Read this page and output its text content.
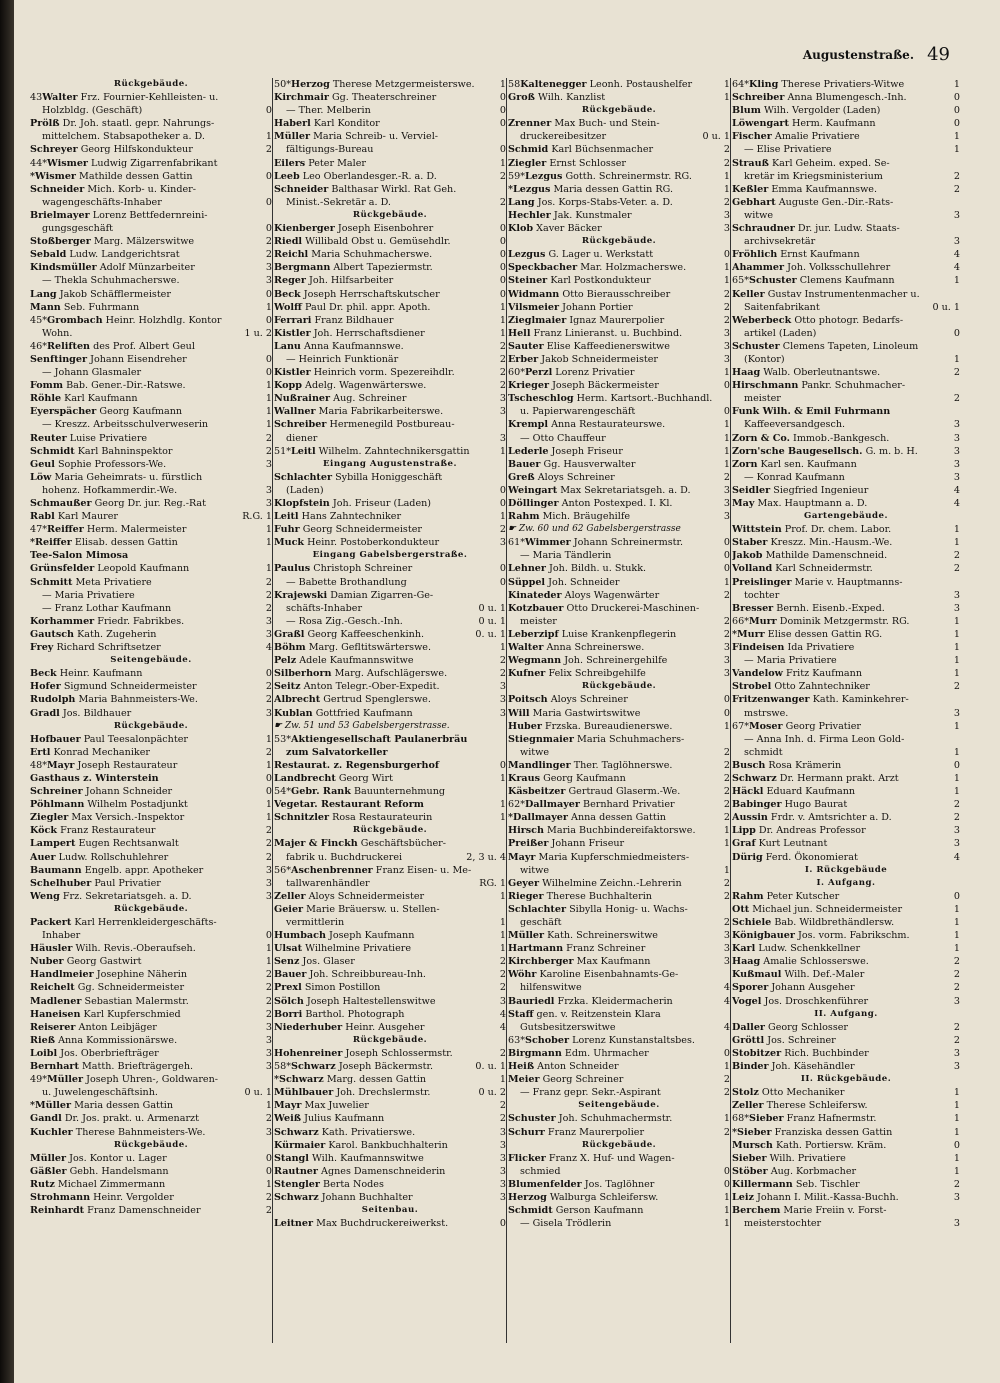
Augustenstraße. 49
Rückgebäude.
43Walter Frz. Fournier-Kehlleisten- u.
0
Holzbldg. (Geschäft)
Prölß Dr. Joh. staatl. gepr. Nahrungs-
1
mittelchem. Stabsapotheker a. D.
2
Schreyer Georg Hilfskondukteur
44*Wismer Ludwig Zigarrenfabrikant
0
*Wismer Mathilde dessen Gattin
Schneider Mich. Korb- u. Kinder-
0
wagengeschäfts-Inhaber
Brielmayer Lorenz Bettfedernreini-
0
gungsgeschäft
2
Stoßberger Marg. Mälzerswitwe
2
Sebald Ludw. Landgerichtsrat
3
Kindsmüller Adolf Münzarbeiter
3
— Thekla Schuhmacherswe.
0
Lang Jakob Schäfflermeister
1
Mann Seb. Fuhrmann
0
45*Grombach Heinr. Holzhdlg. Kontor
1 u. 2
Wohn.
46*Reliften des Prof. Albert Geul
0
Senftinger Johann Eisendreher
0
— Johann Glasmaler
1
Fomm Bab. Gener.-Dir.-Ratswe.
1
Röhle Karl Kaufmann
1
Eyerspächer Georg Kaufmann
1
— Kreszz. Arbeitsschulverweserin
2
Reuter Luise Privatiere
2
Schmidt Karl Bahninspektor
3
Geul Sophie Professors-We.
Löw Maria Geheimrats- u. fürstlich
3
hohenz. Hofkammerdir.-We.
3
Schmaußer Georg Dr. jur. Reg.-Rat
R.G. 1
Rabl Karl Maurer
1
47*Reiffer Herm. Malermeister
1
*Reiffer Elisab. dessen Gattin
Tee-Salon Mimosa
1
Grünsfelder Leopold Kaufmann
2
Schmitt Meta Privatiere
2
— Maria Privatiere
2
— Franz Lothar Kaufmann
3
Korhammer Friedr. Fabrikbes.
3
Gautsch Kath. Zugeherin
4
Frey Richard Schriftsetzer
Seitengebäude.
0
Beck Heinr. Kaufmann
2
Hofer Sigmund Schneidermeister
2
Rudolph Maria Bahnmeisters-We.
3
Gradl Jos. Bildhauer
Rückgebäude.
1
Hofbauer Paul Teesalonpächter
2
Ertl Konrad Mechaniker
1
48*Mayr Joseph Restaurateur
0
Gasthaus z. Winterstein
0
Schreiner Johann Schneider
1
Pöhlmann Wilhelm Postadjunkt
1
Ziegler Max Versich.-Inspektor
2
Köck Franz Restaurateur
2
Lampert Eugen Rechtsanwalt
2
Auer Ludw. Rollschuhlehrer
3
Baumann Engelb. appr. Apotheker
3
Schelhuber Paul Privatier
3
Weng Frz. Sekretariatsgeh. a. D.
Rückgebäude.
Packert Karl Herrenkleidergeschäfts-
0
Inhaber
1
Häusler Wilh. Revis.-Oberaufseh.
1
Nuber Georg Gastwirt
2
Handlmeier Josephine Näherin
2
Reichelt Gg. Schneidermeister
2
Madlener Sebastian Malermstr.
2
Haneisen Karl Kupferschmied
3
Reiserer Anton Leibjäger
3
Rieß Anna Kommissionärswe.
3
Loibl Jos. Oberbriefträger
3
Bernhart Matth. Briefträgergeh.
49*Müller Joseph Uhren-, Goldwaren-
0 u. 1
u. Juwelengeschäftsinh.
1
*Müller Maria dessen Gattin
2
Gandl Dr. Jos. prakt. u. Armenarzt
3
Kuchler Therese Bahnmeisters-We.
Rückgebäude.
0
Müller Jos. Kontor u. Lager
0
Gäßler Gebh. Handelsmann
1
Rutz Michael Zimmermann
2
Strohmann Heinr. Vergolder
2
Reinhardt Franz Damenschneider
1
50*Herzog Therese Metzgermeisterswe.
0
Kirchmair Gg. Theaterschreiner
0
— Ther. Melberin
0
Haberl Karl Konditor
Müller Maria Schreib- u. Verviel-
0
fältigungs-Bureau
1
Eilers Peter Maler
2
Leeb Leo Oberlandesger.-R. a. D.
Schneider Balthasar Wirkl. Rat Geh.
2
Minist.-Sekretär a. D.
Rückgebäude.
0
Kienberger Joseph Eisenbohrer
0
Riedl Willibald Obst u. Gemüsehdlr.
0
Reichl Maria Schuhmacherswe.
0
Bergmann Albert Tapeziermstr.
0
Reger Joh. Hilfsarbeiter
0
Beck Joseph Herrschaftskutscher
1
Wolff Paul Dr. phil. appr. Apoth.
1
Ferrari Franz Bildhauer
1
Kistler Joh. Herrschaftsdiener
2
Lanu Anna Kaufmannswe.
2
— Heinrich Funktionär
2
Kistler Heinrich vorm. Spezereihdlr.
2
Kopp Adelg. Wagenwärterswe.
3
Nußrainer Aug. Schreiner
3
Wallner Maria Fabrikarbeiterswe.
Schreiber Hermenegild Postbureau-
3
diener
1
51*Leitl Wilhelm. Zahntechnikersgattin
Eingang Augustenstraße.
Schlachter Sybilla Honiggeschäft
0
(Laden)
0
Klopfstein Joh. Friseur (Laden)
1
Leitl Hans Zahntechniker
2
Fuhr Georg Schneidermeister
3
Muck Heinr. Postoberkondukteur
Eingang Gabelsbergerstraße.
0
Paulus Christoph Schreiner
0
— Babette Brothandlung
Krajewski Damian Zigarren-Ge-
0 u. 1
schäfts-Inhaber
0 u. 1
— Rosa Zig.-Gesch.-Inh.
0. u. 1
Graßl Georg Kaffeeschenkinh.
1
Böhm Marg. Gefltitswärterswe.
2
Pelz Adele Kaufmannswitwe
2
Silberhorn Marg. Aufschlägerswe.
3
Seitz Anton Telegr.-Ober-Expedit.
3
Albrecht Gertrud Spenglerswe.
3
Kublan Gottfried Kaufmann
☛ Zw. 51 und 53 Gabelsbergerstrasse.
53*Aktiengesellschaft Paulanerbräu
zum Salvatorkeller
0
Restaurat. z. Regensburgerhof
1
Landbrecht Georg Wirt
54*Gebr. Rank Bauunternehmung
1
Vegetar. Restaurant Reform
1
Schnitzler Rosa Restaurateurin
Rückgebäude.
Majer & Finckh Geschäftsbücher-
2, 3 u. 4
fabrik u. Buchdruckerei
56*Aschenbrenner Franz Eisen- u. Me-
RG. 1
tallwarenhändler
1
Zeller Aloys Schneidermeister
Geier Marie Bräuersw. u. Stellen-
1
vermittlerin
1
Humbach Joseph Kaufmann
1
Ulsat Wilhelmine Privatiere
2
Senz Jos. Glaser
2
Bauer Joh. Schreibbureau-Inh.
2
Prexl Simon Postillon
3
Sölch Joseph Haltestellenswitwe
4
Borri Barthol. Photograph
4
Niederhuber Heinr. Ausgeher
Rückgebäude.
2
Hohenreiner Joseph Schlossermstr.
0. u. 1
58*Schwarz Joseph Bäckermstr.
1
*Schwarz Marg. dessen Gattin
0 u. 2
Mühlbauer Joh. Drechslermstr.
2
Mayr Max Juwelier
2
Weiß Julius Kaufmann
3
Schwarz Kath. Privatierswe.
3
Kürmaier Karol. Bankbuchhalterin
3
Stangl Wilh. Kaufmannswitwe
3
Rautner Agnes Damenschneiderin
3
Stengler Berta Nodes
3
Schwarz Johann Buchhalter
Seitenbau.
0
Leitner Max Buchdruckereiwerkst.
1
58Kaltenegger Leonh. Postaushelfer
1
Groß Wilh. Kanzlist
Rückgebäude.
Zrenner Max Buch- und Stein-
0 u. 1
druckereibesitzer
2
Schmid Karl Büchsenmacher
2
Ziegler Ernst Schlosser
1
59*Lezgus Gotth. Schreinermstr. RG.
1
*Lezgus Maria dessen Gattin RG.
2
Lang Jos. Korps-Stabs-Veter. a. D.
3
Hechler Jak. Kunstmaler
3
Klob Xaver Bäcker
Rückgebäude.
0
Lezgus G. Lager u. Werkstatt
1
Speckbacher Mar. Holzmacherswe.
1
Steiner Karl Postkondukteur
2
Widmann Otto Bierausschreiber
2
Vilsmeier Johann Portier
2
Zieglmaier Ignaz Maurerpolier
3
Hell Franz Linieranst. u. Buchbind.
3
Sauter Elise Kaffeedienerswitwe
3
Erber Jakob Schneidermeister
1
60*Perzl Lorenz Privatier
0
Krieger Joseph Bäckermeister
Tscheschlog Herm. Kartsort.-Buchhandl.
0
u. Papierwarengeschäft
1
Krempl Anna Restaurateurswe.
1
— Otto Chauffeur
1
Lederle Joseph Friseur
1
Bauer Gg. Hausverwalter
2
Greß Aloys Schreiner
3
Weingart Max Sekretariatsgeh. a. D.
3
Döllinger Anton Postexped. I. Kl.
3
Rahm Mich. Bräugehilfe
☛ Zw. 60 und 62 Gabelsbergerstrasse
0
61*Wimmer Johann Schreinermstr.
0
— Maria Tändlerin
0
Lehner Joh. Bildh. u. Stukk.
1
Süppel Joh. Schneider
2
Kinateder Aloys Wagenwärter
Kotzbauer Otto Druckerei-Maschinen-
2
meister
2
Leberzipf Luise Krankenpflegerin
3
Walter Anna Schreinerswe.
3
Wegmann Joh. Schreinergehilfe
3
Kufner Felix Schreibgehilfe
Rückgebäude.
0
Poitsch Aloys Schreiner
0
Will Maria Gastwirtswitwe
1
Huber Frzska. Bureaudienerswe.
Stiegnmaier Maria Schuhmachers-
2
witwe
2
Mandlinger Ther. Taglöhnerswe.
2
Kraus Georg Kaufmann
2
Käsbeitzer Gertraud Glaserm.-We.
2
62*Dallmayer Bernhard Privatier
2
*Dallmayer Anna dessen Gattin
1
Hirsch Maria Buchbindereifaktorswe.
1
Preißer Johann Friseur
Mayr Maria Kupferschmiedmeisters-
1
witwe
2
Geyer Wilhelmine Zeichn.-Lehrerin
2
Rieger Therese Buchhalterin
Schlachter Sibylla Honig- u. Wachs-
2
geschäft
3
Müller Kath. Schreinerswitwe
3
Hartmann Franz Schreiner
3
Kirchberger Max Kaufmann
Wöhr Karoline Eisenbahnamts-Ge-
4
hilfenswitwe
4
Bauriedl Frzka. Kleidermacherin
Staff gen. v. Reitzenstein Klara
4
Gutsbesitzerswitwe
63*Schober Lorenz Kunstanstaltsbes.
0
Birgmann Edm. Uhrmacher
1
Heiß Anton Schneider
2
Meier Georg Schreiner
2
— Franz gepr. Sekr.-Aspirant
Seitengebäude.
1
Schuster Joh. Schuhmachermstr.
2
Schurr Franz Maurerpolier
Rückgebäude.
Flicker Franz X. Huf- und Wagen-
0
schmied
0
Blumenfelder Jos. Taglöhner
1
Herzog Walburga Schleifersw.
1
Schmidt Gerson Kaufmann
1
— Gisela Trödlerin
1
64*Kling Therese Privatiers-Witwe
0
Schreiber Anna Blumengesch.-Inh.
0
Blum Wilh. Vergolder (Laden)
0
Löwengart Herm. Kaufmann
1
Fischer Amalie Privatiere
1
— Elise Privatiere
Strauß Karl Geheim. exped. Se-
2
kretär im Kriegsministerium
2
Keßler Emma Kaufmannswe.
Gebhart Auguste Gen.-Dir.-Rats-
3
witwe
Schraudner Dr. jur. Ludw. Staats-
3
archivsekretär
4
Fröhlich Ernst Kaufmann
4
Ahammer Joh. Volksschullehrer
1
65*Schuster Clemens Kaufmann
Keller Gustav Instrumentenmacher u.
0 u. 1
Saitenfabrikant
Weberbeck Otto photogr. Bedarfs-
0
artikel (Laden)
Schuster Clemens Tapeten, Linoleum
1
(Kontor)
2
Haag Walb. Oberleutnantswe.
Hirschmann Pankr. Schuhmacher-
2
meister
Funk Wilh. & Emil Fuhrmann
3
Kaffeeversandgesch.
3
Zorn & Co. Immob.-Bankgesch.
3
Zorn'sche Baugesellsch. G. m. b. H.
3
Zorn Karl sen. Kaufmann
3
— Konrad Kaufmann
4
Seidler Siegfried Ingenieur
4
May Max. Hauptmann a. D.
Gartengebäude.
1
Wittstein Prof. Dr. chem. Labor.
1
Staber Kreszz. Min.-Hausm.-We.
2
Jakob Mathilde Damenschneid.
2
Volland Karl Schneidermstr.
Preislinger Marie v. Hauptmanns-
3
tochter
3
Bresser Bernh. Eisenb.-Exped.
1
66*Murr Dominik Metzgermstr. RG.
1
*Murr Elise dessen Gattin RG.
1
Findeisen Ida Privatiere
1
— Maria Privatiere
1
Vandelow Fritz Kaufmann
2
Strobel Otto Zahntechniker
Fritzenwanger Kath. Kaminkehrer-
3
mstrswe.
1
67*Moser Georg Privatier
— Anna Inh. d. Firma Leon Gold-
1
schmidt
0
Busch Rosa Krämerin
1
Schwarz Dr. Hermann prakt. Arzt
1
Häckl Eduard Kaufmann
2
Babinger Hugo Baurat
2
Aussin Frdr. v. Amtsrichter a. D.
3
Lipp Dr. Andreas Professor
3
Graf Kurt Leutnant
4
Dürig Ferd. Ökonomierat
I. Rückgebäude
I. Aufgang.
0
Rahm Peter Kutscher
1
Ott Michael jun. Schneidermeister
1
Schiele Bab. Wildbrethändlersw.
1
Königbauer Jos. vorm. Fabrikschm.
1
Karl Ludw. Schenkkellner
2
Haag Amalie Schlosserswe.
2
Kußmaul Wilh. Def.-Maler
2
Sporer Johann Ausgeher
3
Vogel Jos. Droschkenführer
II. Aufgang.
2
Daller Georg Schlosser
2
Gröttl Jos. Schreiner
3
Stobitzer Rich. Buchbinder
3
Binder Joh. Käsehändler
II. Rückgebäude.
1
Stolz Otto Mechaniker
1
Zeller Therese Schleifersw.
1
68*Sieber Franz Hafnermstr.
1
*Sieber Franziska dessen Gattin
0
Mursch Kath. Portiersw. Kräm.
1
Sieber Wilh. Privatiere
1
Stöber Aug. Korbmacher
2
Killermann Seb. Tischler
3
Leiz Johann I. Milit.-Kassa-Buchh.
Berchem Marie Freiin v. Forst-
3
meisterstochter
